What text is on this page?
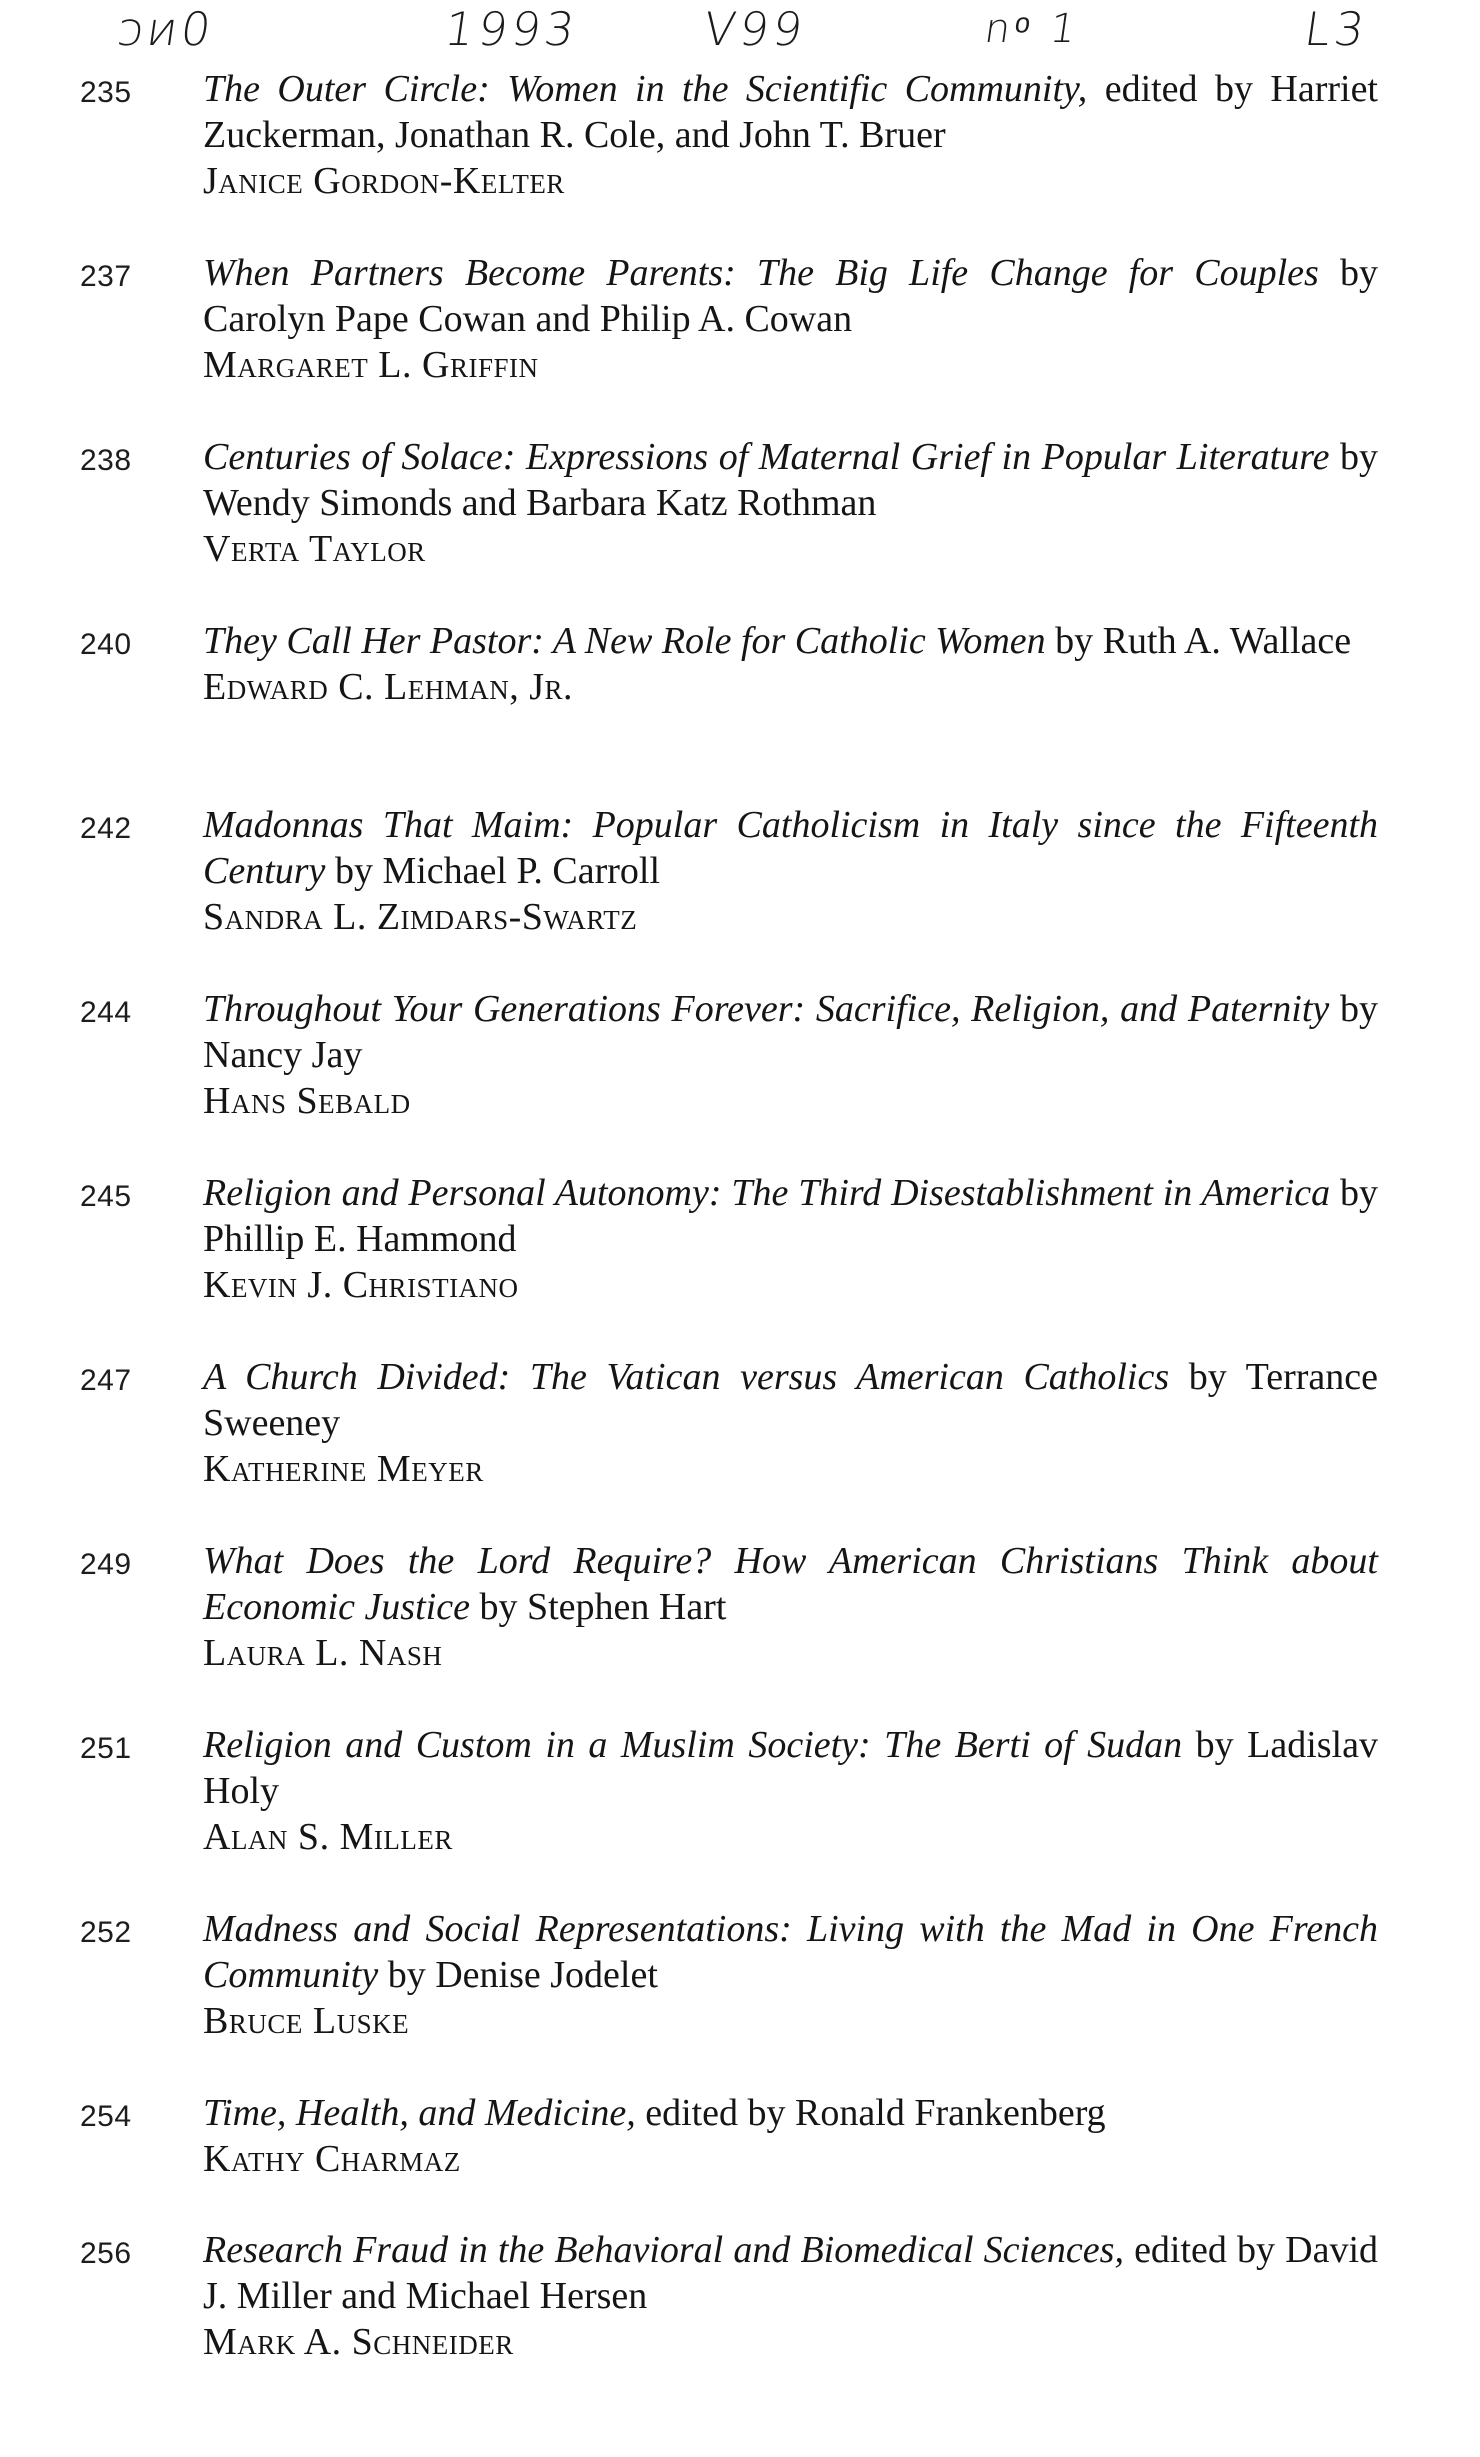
ↄᴎ0	1993	V99	nᵒ 1	L3
235	The Outer Circle: Women in the Scientific Community, edited by Harriet Zuckerman, Jonathan R. Cole, and John T. Bruer

Janice Gordon-Kelter

237	When Partners Become Parents: The Big Life Change for Couples by Carolyn Pape Cowan and Philip A. Cowan

Margaret L. Griffin

238	Centuries of Solace: Expressions of Maternal Grief in Popular Literature by Wendy Simonds and Barbara Katz Rothman

Verta Taylor

240	They Call Her Pastor: A New Role for Catholic Women by Ruth A. Wallace

Edward C. Lehman, Jr.

242	Madonnas That Maim: Popular Catholicism in Italy since the Fifteenth Century by Michael P. Carroll

Sandra L. Zimdars-Swartz

244	Throughout Your Generations Forever: Sacrifice, Religion, and Paternity by Nancy Jay

Hans Sebald

245	Religion and Personal Autonomy: The Third Disestablishment in America by Phillip E. Hammond

Kevin J. Christiano

247	A Church Divided: The Vatican versus American Catholics by Terrance Sweeney

Katherine Meyer

249	What Does the Lord Require? How American Christians Think about Economic Justice by Stephen Hart

Laura L. Nash

251	Religion and Custom in a Muslim Society: The Berti of Sudan by Ladislav Holy

Alan S. Miller

252	Madness and Social Representations: Living with the Mad in One French Community by Denise Jodelet

Bruce Luske

254	Time, Health, and Medicine, edited by Ronald Frankenberg

Kathy Charmaz

256	Research Fraud in the Behavioral and Biomedical Sciences, edited by David J. Miller and Michael Hersen

Mark A. Schneider
